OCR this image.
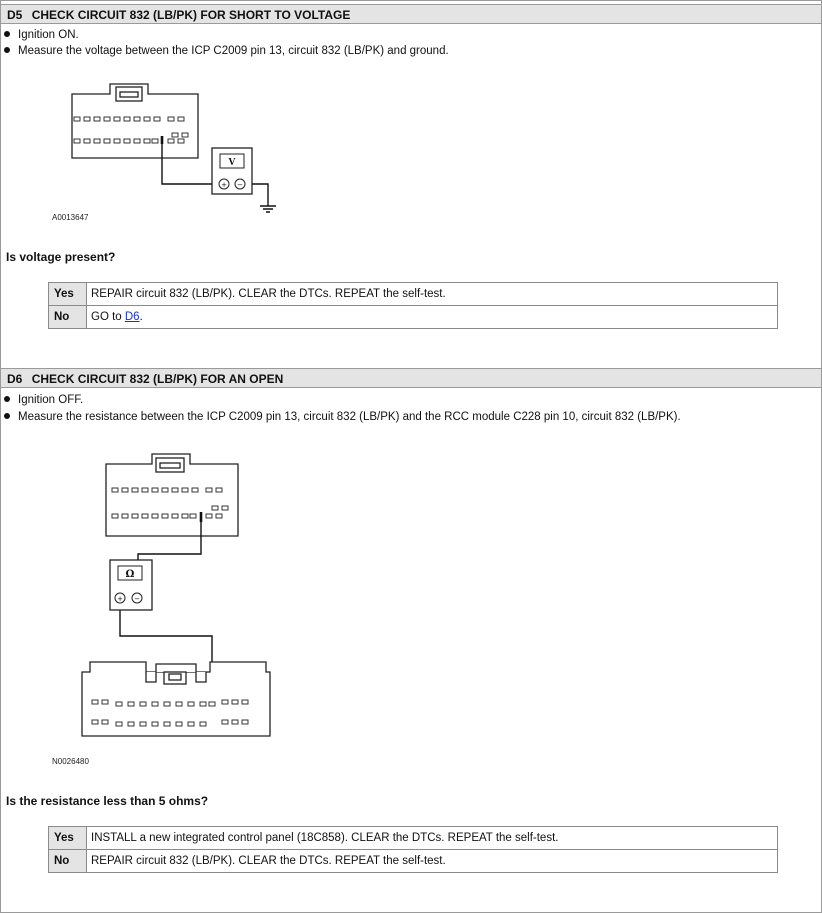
D5 CHECK CIRCUIT 832 (LB/PK) FOR SHORT TO VOLTAGE
Ignition ON.
Measure the voltage between the ICP C2009 pin 13, circuit 832 (LB/PK) and ground.
V
+ −
A0013647
Is voltage present?
Yes	REPAIR circuit 832 (LB/PK). CLEAR the DTCs. REPEAT the self-test.
No	GO to D6.
D6 CHECK CIRCUIT 832 (LB/PK) FOR AN OPEN
Ignition OFF.
Measure the resistance between the ICP C2009 pin 13, circuit 832 (LB/PK) and the RCC module C228 pin 10, circuit 832 (LB/PK).
Ω
+ −
N0026480
Is the resistance less than 5 ohms?
Yes	INSTALL a new integrated control panel (18C858). CLEAR the DTCs. REPEAT the self-test.
No	REPAIR circuit 832 (LB/PK). CLEAR the DTCs. REPEAT the self-test.
